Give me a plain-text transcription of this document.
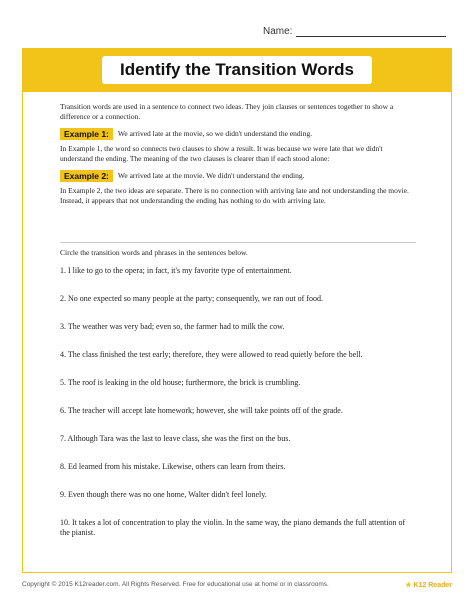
Name:
Identify the Transition Words

Transition words are used in a sentence to connect two ideas. They join clauses or sentences together to show a difference or a connection.

Example 1:	We arrived late at the movie, so we didn't understand the ending.

In Example 1, the word so connects two clauses to show a result. It was because we were late that we didn't understand the ending. The meaning of the two clauses is clearer than if each stood alone:

Example 2:	We arrived late at the movie. We didn't understand the ending.

In Example 2, the two ideas are separate. There is no connection with arriving late and not understanding the movie. Instead, it appears that not understanding the ending has nothing to do with arriving late.

Circle the transition words and phrases in the sentences below.
1. I like to go to the opera; in fact, it's my favorite type of entertainment.
2. No one expected so many people at the party; consequently, we ran out of food.
3. The weather was very bad; even so, the farmer had to milk the cow.
4. The class finished the test early; therefore, they were allowed to read quietly before the bell.
5. The roof is leaking in the old house; furthermore, the brick is crumbling.
6. The teacher will accept late homework; however, she will take points off of the grade.
7. Although Tara was the last to leave class, she was the first on the bus.
8. Ed learned from his mistake. Likewise, others can learn from theirs.
9. Even though there was no one home, Walter didn't feel lonely.
10. It takes a lot of concentration to play the violin. In the same way, the piano demands the full attention of the pianist.
Copyright © 2015 K12reader.com. All Rights Reserved. Free for educational use at home or in classrooms.	★ K12 Reader
